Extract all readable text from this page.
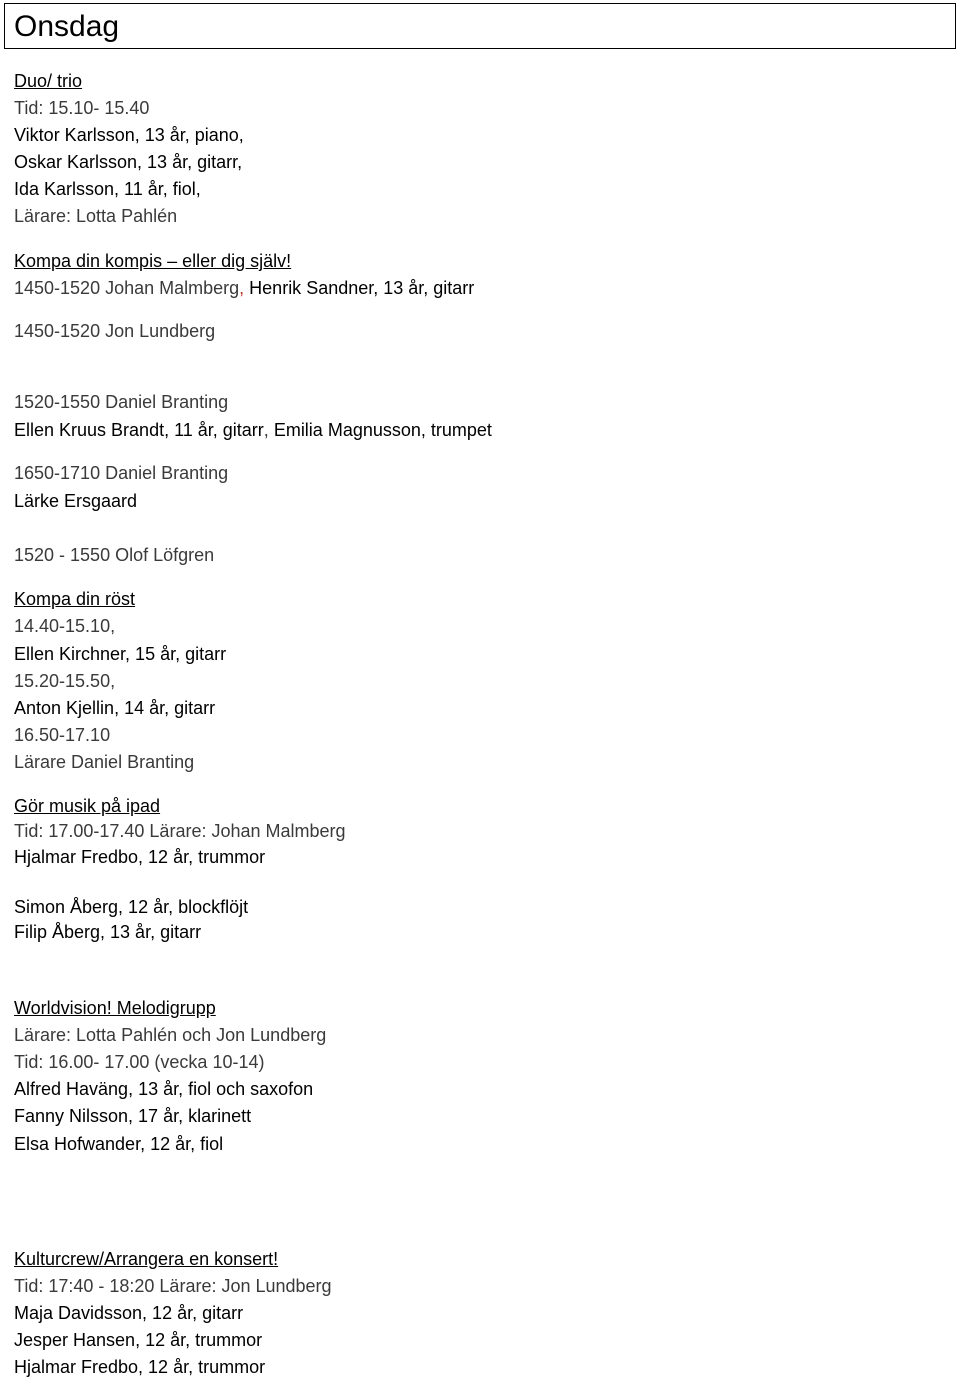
Onsdag
Duo/ trio
Tid: 15.10- 15.40
Viktor Karlsson, 13 år, piano,
Oskar Karlsson, 13 år, gitarr,
Ida Karlsson, 11 år, fiol,
Lärare: Lotta Pahlén
Kompa din kompis – eller dig själv!
1450-1520 Johan Malmberg, Henrik Sandner, 13 år, gitarr
1450-1520 Jon Lundberg
1520-1550 Daniel Branting
Ellen Kruus Brandt, 11 år, gitarr, Emilia Magnusson, trumpet
1650-1710 Daniel Branting
Lärke Ersgaard
1520 - 1550 Olof Löfgren
Kompa din röst
14.40-15.10,
Ellen Kirchner, 15 år, gitarr
15.20-15.50,
Anton Kjellin, 14 år, gitarr
16.50-17.10
Lärare Daniel Branting
Gör musik på ipad
Tid: 17.00-17.40 Lärare: Johan Malmberg
Hjalmar Fredbo, 12 år, trummor
Simon Åberg, 12 år, blockflöjt
Filip Åberg, 13 år, gitarr
Worldvision! Melodigrupp
Lärare: Lotta Pahlén och Jon Lundberg
Tid: 16.00- 17.00 (vecka 10-14)
Alfred Haväng, 13 år, fiol och saxofon
Fanny Nilsson, 17 år, klarinett
Elsa Hofwander, 12 år, fiol
Kulturcrew/Arrangera en konsert!
Tid: 17:40 - 18:20 Lärare: Jon Lundberg
Maja Davidsson, 12 år, gitarr
Jesper Hansen, 12 år, trummor
Hjalmar Fredbo, 12 år, trummor
